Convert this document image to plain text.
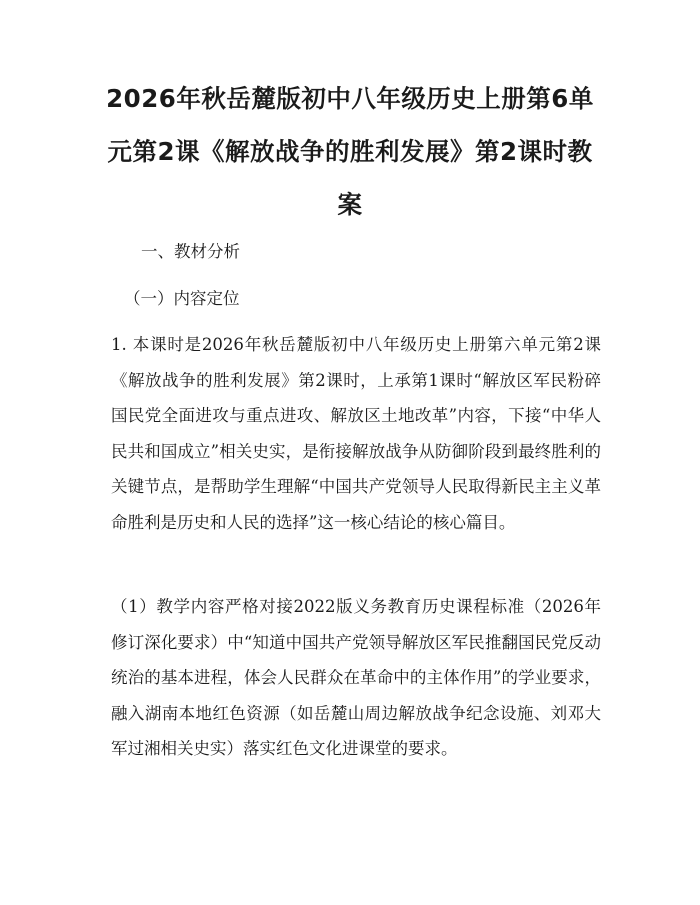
2026年秋岳麓版初中八年级历史上册第6单元第2课《解放战争的胜利发展》第2课时教案
一、教材分析
（一）内容定位
1. 本课时是2026年秋岳麓版初中八年级历史上册第六单元第2课《解放战争的胜利发展》第2课时，上承第1课时“解放区军民粉碎国民党全面进攻与重点进攻、解放区土地改革”内容，下接“中华人民共和国成立”相关史实，是衔接解放战争从防御阶段到最终胜利的关键节点，是帮助学生理解“中国共产党领导人民取得新民主主义革命胜利是历史和人民的选择”这一核心结论的核心篇目。
（1）教学内容严格对接2022版义务教育历史课程标准（2026年修订深化要求）中“知道中国共产党领导解放区军民推翻国民党反动统治的基本进程，体会人民群众在革命中的主体作用”的学业要求，融入湖南本地红色资源（如岳麓山周边解放战争纪念设施、刘邓大军过湘相关史实）落实红色文化进课堂的要求。
